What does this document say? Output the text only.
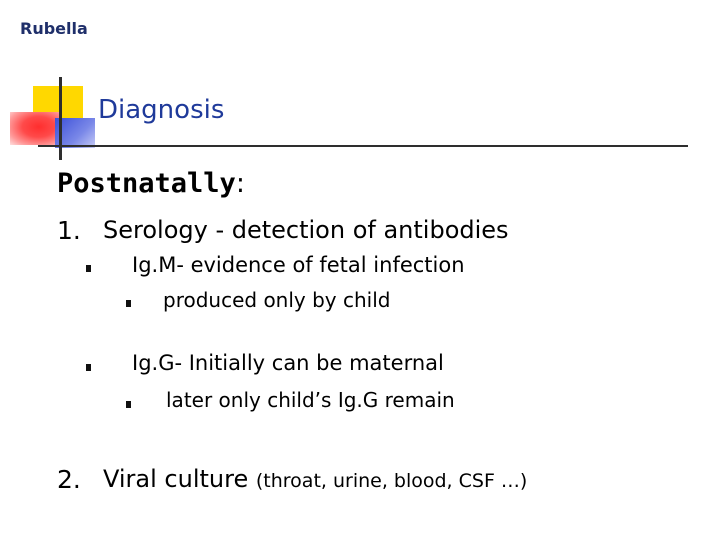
Rubella
Diagnosis
Postnatally:
1. Serology - detection of antibodies
Ig.M- evidence of fetal infection
produced only by child
Ig.G- Initially can be maternal
later only child’s Ig.G remain
2. Viral culture (throat, urine, blood, CSF …)
